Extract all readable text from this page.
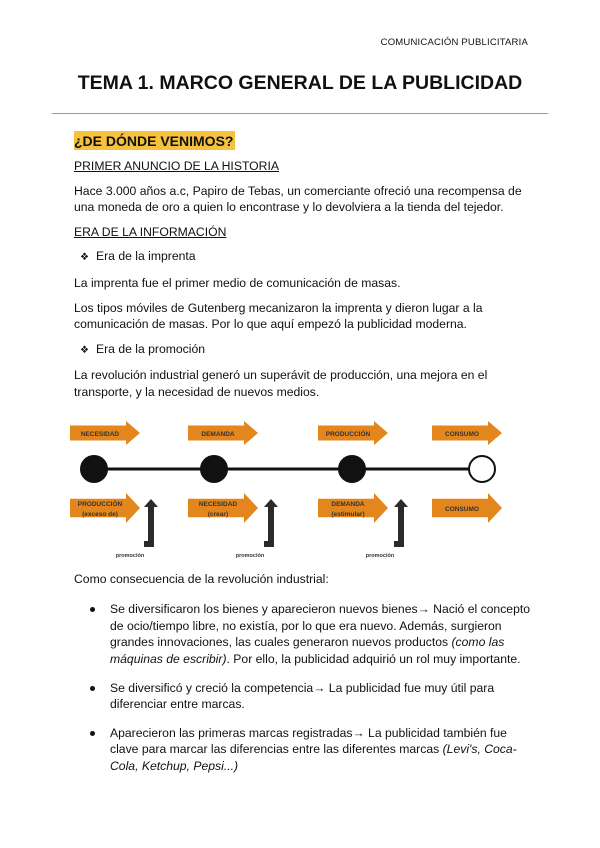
COMUNICACIÓN PUBLICITARIA
TEMA 1. MARCO GENERAL DE LA PUBLICIDAD
¿DE DÓNDE VENIMOS?
PRIMER ANUNCIO DE LA HISTORIA

Hace 3.000 años a.c, Papiro de Tebas, un comerciante ofreció una recompensa de una moneda de oro a quien lo encontrase y lo devolviera a la tienda del tejedor.

ERA DE LA INFORMACIÓN
❖ Era de la imprenta

La imprenta fue el primer medio de comunicación de masas.

Los tipos móviles de Gutenberg mecanizaron la imprenta y dieron lugar a la comunicación de masas. Por lo que aquí empezó la publicidad moderna.

❖ Era de la promoción

La revolución industrial generó un superávit de producción, una mejora en el transporte, y la necesidad de nuevos medios.

NECESIDAD	DEMANDA	PRODUCCIÓN	CONSUMO
PRODUCCIÓN
(exceso de)
NECESIDAD
(crear)
DEMANDA
(estimular)
CONSUMO
promoción	promoción	promoción

Como consecuencia de la revolución industrial:

Se diversificaron los bienes y aparecieron nuevos bienes→ Nació el concepto de ocio/tiempo libre, no existía, por lo que era nuevo. Además, surgieron grandes innovaciones, las cuales generaron nuevos productos (como las máquinas de escribir). Por ello, la publicidad adquirió un rol muy importante.
Se diversificó y creció la competencia→ La publicidad fue muy útil para diferenciar entre marcas.
Aparecieron las primeras marcas registradas→ La publicidad también fue clave para marcar las diferencias entre las diferentes marcas (Levi's, Coca-Cola, Ketchup, Pepsi...)
